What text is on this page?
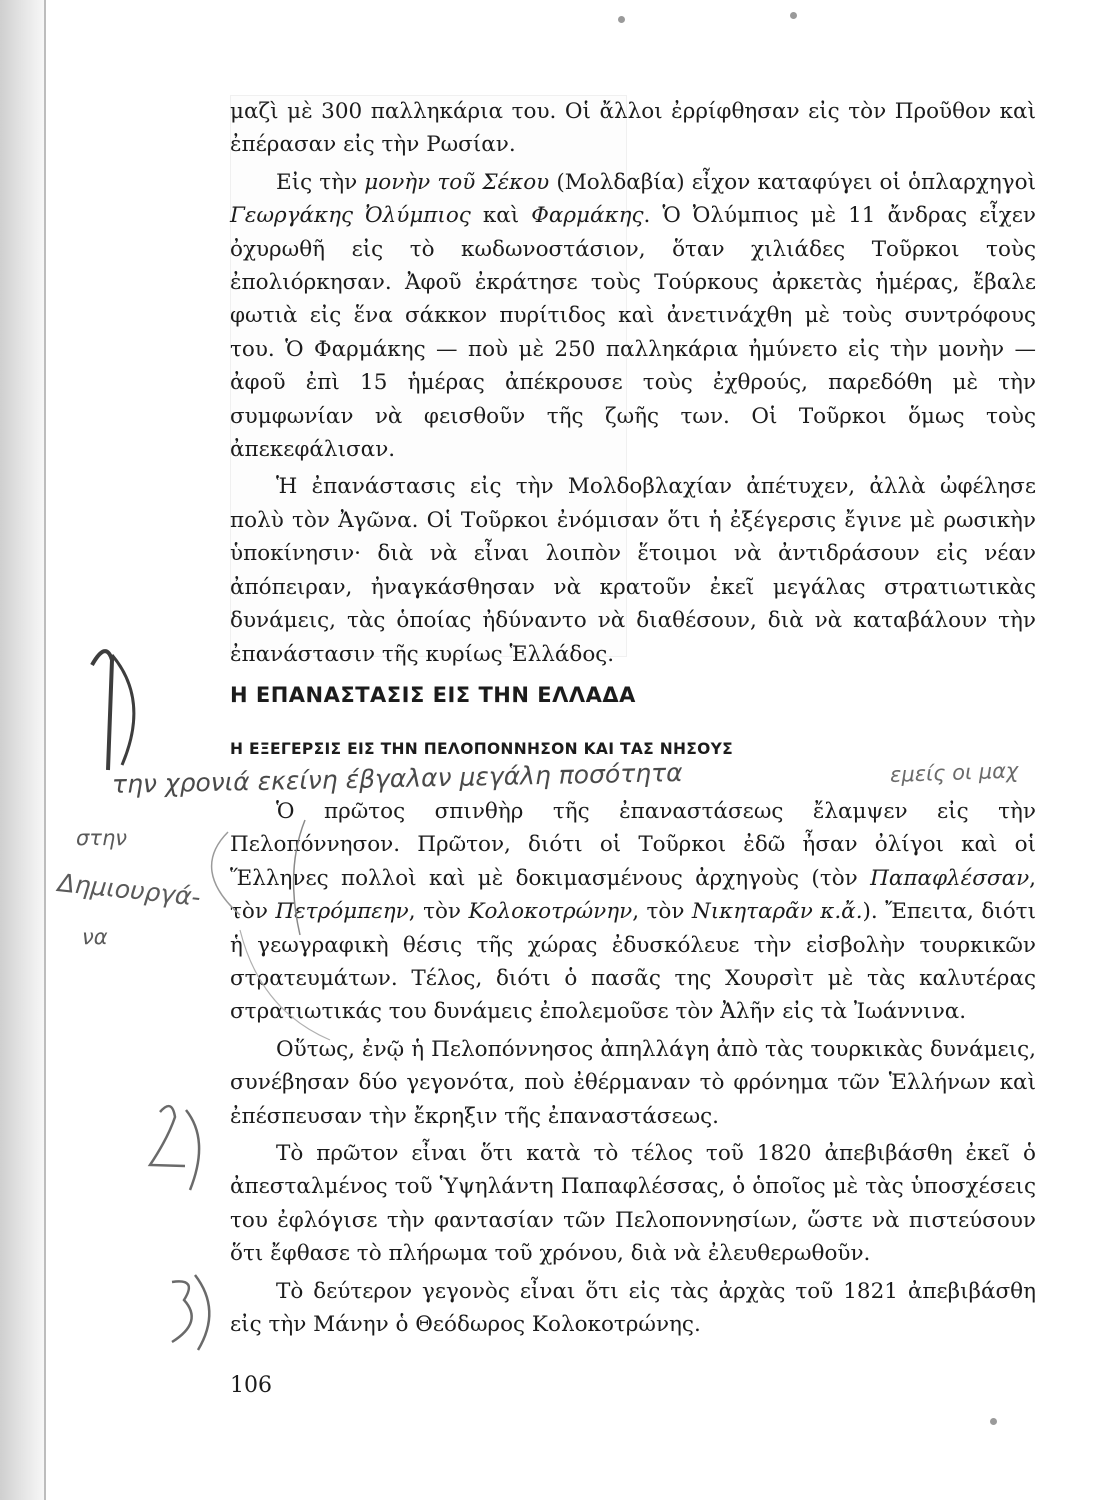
μαζὶ μὲ 300 παλληκάρια του. Οἱ ἄλλοι ἐρρίφθησαν εἰς τὸν Προῦθον καὶ ἐπέρασαν εἰς τὴν Ρωσίαν.

Εἰς τὴν μονὴν τοῦ Σέκου (Μολδαβία) εἶχον καταφύγει οἱ ὁπλαρχηγοὶ Γεωργάκης Ὀλύμπιος καὶ Φαρμάκης. Ὁ Ὀλύμπιος μὲ 11 ἄνδρας εἶχεν ὀχυρωθῆ εἰς τὸ κωδωνοστάσιον, ὅταν χιλιάδες Τοῦρκοι τοὺς ἐπολιόρκησαν. Ἀφοῦ ἐκράτησε τοὺς Τούρκους ἀρκετὰς ἡμέρας, ἔβαλε φωτιὰ εἰς ἕνα σάκκον πυρίτιδος καὶ ἀνετινάχθη μὲ τοὺς συντρόφους του. Ὁ Φαρμάκης — ποὺ μὲ 250 παλληκάρια ἠμύνετο εἰς τὴν μονὴν — ἀφοῦ ἐπὶ 15 ἡμέρας ἀπέκρουσε τοὺς ἐχθρούς, παρεδόθη μὲ τὴν συμφωνίαν νὰ φεισθοῦν τῆς ζωῆς των. Οἱ Τοῦρκοι ὅμως τοὺς ἀπεκεφάλισαν.

Ἡ ἐπανάστασις εἰς τὴν Μολδοβλαχίαν ἀπέτυχεν, ἀλλὰ ὠφέλησε πολὺ τὸν Ἀγῶνα. Οἱ Τοῦρκοι ἐνόμισαν ὅτι ἡ ἐξέγερσις ἔγινε μὲ ρωσικὴν ὑποκίνησιν· διὰ νὰ εἶναι λοιπὸν ἕτοιμοι νὰ ἀντιδράσουν εἰς νέαν ἀπόπειραν, ἠναγκάσθησαν νὰ κρατοῦν ἐκεῖ μεγάλας στρατιωτικὰς δυνάμεις, τὰς ὁποίας ἠδύναντο νὰ διαθέσουν, διὰ νὰ καταβάλουν τὴν ἐπανάστασιν τῆς κυρίως Ἑλλάδος.

Η ΕΠΑΝΑΣΤΑΣΙΣ ΕΙΣ ΤΗΝ ΕΛΛΑΔΑ
Η ΕΞΕΓΕΡΣΙΣ ΕΙΣ ΤΗΝ ΠΕΛΟΠΟΝΝΗΣΟΝ ΚΑΙ ΤΑΣ ΝΗΣΟΥΣ

Ὁ πρῶτος σπινθὴρ τῆς ἐπαναστάσεως ἔλαμψεν εἰς τὴν Πελοπόννησον. Πρῶτον, διότι οἱ Τοῦρκοι ἐδῶ ἦσαν ὀλίγοι καὶ οἱ Ἕλληνες πολλοὶ καὶ μὲ δοκιμασμένους ἀρχηγοὺς (τὸν Παπαφλέσσαν, τὸν Πετρόμπεην, τὸν Κολοκοτρώνην, τὸν Νικηταρᾶν κ.ἄ.). Ἔπειτα, διότι ἡ γεωγραφικὴ θέσις τῆς χώρας ἐδυσκόλευε τὴν εἰσβολὴν τουρκικῶν στρατευμάτων. Τέλος, διότι ὁ πασᾶς της Χουρσὶτ μὲ τὰς καλυτέρας στρατιωτικάς του δυνάμεις ἐπολεμοῦσε τὸν Ἀλῆν εἰς τὰ Ἰωάννινα.

Οὕτως, ἐνῷ ἡ Πελοπόννησος ἀπηλλάγη ἀπὸ τὰς τουρκικὰς δυνάμεις, συνέβησαν δύο γεγονότα, ποὺ ἐθέρμαναν τὸ φρόνημα τῶν Ἑλλήνων καὶ ἐπέσπευσαν τὴν ἔκρηξιν τῆς ἐπαναστάσεως.

Τὸ πρῶτον εἶναι ὅτι κατὰ τὸ τέλος τοῦ 1820 ἀπεβιβάσθη ἐκεῖ ὁ ἀπεσταλμένος τοῦ Ὑψηλάντη Παπαφλέσσας, ὁ ὁποῖος μὲ τὰς ὑποσχέσεις του ἐφλόγισε τὴν φαντασίαν τῶν Πελοποννησίων, ὥστε νὰ πιστεύσουν ὅτι ἔφθασε τὸ πλήρωμα τοῦ χρόνου, διὰ νὰ ἐλευθερωθοῦν.

Τὸ δεύτερον γεγονὸς εἶναι ὅτι εἰς τὰς ἀρχὰς τοῦ 1821 ἀπεβιβάσθη εἰς τὴν Μάνην ὁ Θεόδωρος Κολοκοτρώνης.

106
την χρονιά εκείνη έβγαλαν μεγάλη ποσότητα	εμείς οι μαχ
στην
Δημιουργά-
να
